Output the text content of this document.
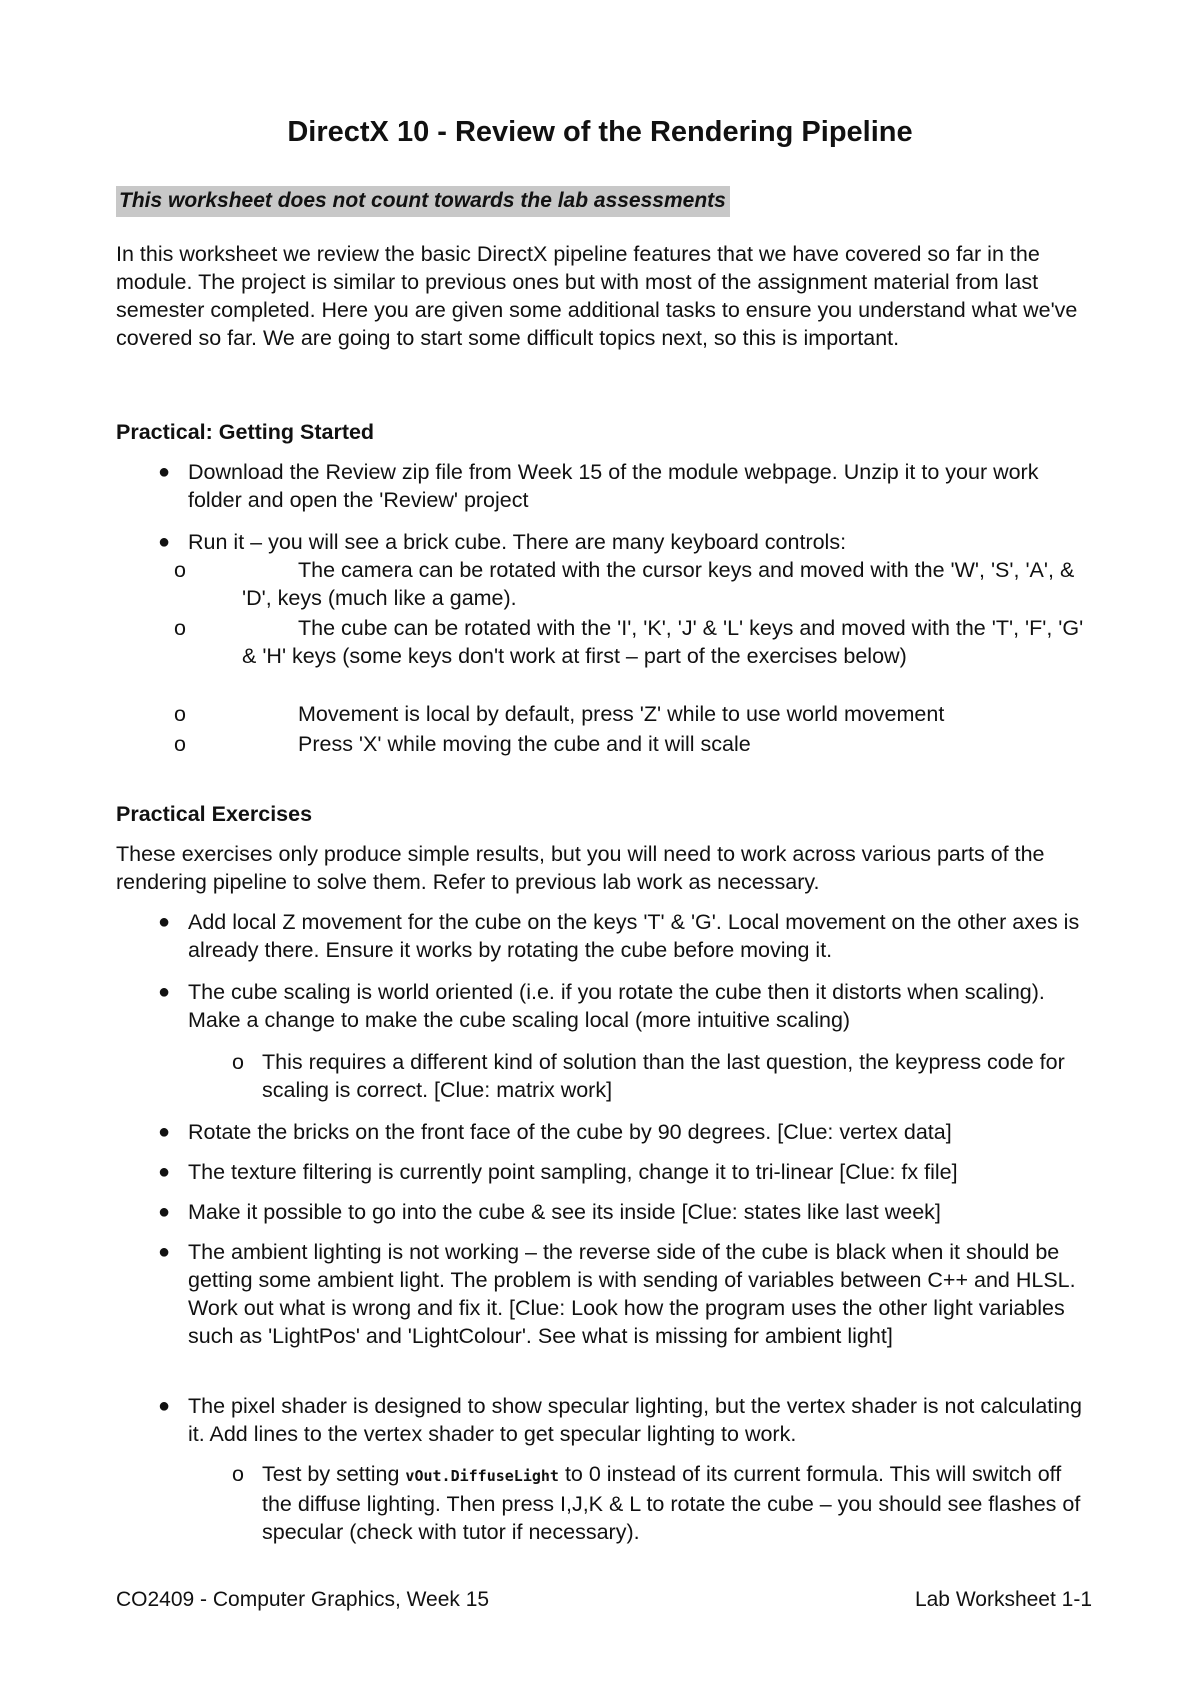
DirectX 10 - Review of the Rendering Pipeline
This worksheet does not count towards the lab assessments

In this worksheet we review the basic DirectX pipeline features that we have covered so far in the module. The project is similar to previous ones but with most of the assignment material from last semester completed. Here you are given some additional tasks to ensure you understand what we've covered so far. We are going to start some difficult topics next, so this is important.

Practical: Getting Started
● Download the Review zip file from Week 15 of the module webpage. Unzip it to your work folder and open the 'Review' project
● Run it – you will see a brick cube. There are many keyboard controls:
o	The camera can be rotated with the cursor keys and moved with the 'W', 'S', 'A', & 'D', keys (much like a game).
o	The cube can be rotated with the 'I', 'K', 'J' & 'L' keys and moved with the 'T', 'F', 'G' & 'H' keys (some keys don't work at first – part of the exercises below)
o	Movement is local by default, press 'Z' while to use world movement
o	Press 'X' while moving the cube and it will scale
Practical Exercises

These exercises only produce simple results, but you will need to work across various parts of the rendering pipeline to solve them. Refer to previous lab work as necessary.

● Add local Z movement for the cube on the keys 'T' & 'G'. Local movement on the other axes is already there. Ensure it works by rotating the cube before moving it.
● The cube scaling is world oriented (i.e. if you rotate the cube then it distorts when scaling). Make a change to make the cube scaling local (more intuitive scaling)
o This requires a different kind of solution than the last question, the keypress code for scaling is correct. [Clue: matrix work]
● Rotate the bricks on the front face of the cube by 90 degrees. [Clue: vertex data]
● The texture filtering is currently point sampling, change it to tri-linear [Clue: fx file]
● Make it possible to go into the cube & see its inside [Clue: states like last week]
● The ambient lighting is not working – the reverse side of the cube is black when it should be getting some ambient light. The problem is with sending of variables between C++ and HLSL. Work out what is wrong and fix it. [Clue: Look how the program uses the other light variables such as 'LightPos' and 'LightColour'. See what is missing for ambient light]
● The pixel shader is designed to show specular lighting, but the vertex shader is not calculating it. Add lines to the vertex shader to get specular lighting to work.
o Test by setting vOut.DiffuseLight to 0 instead of its current formula. This will switch off the diffuse lighting. Then press I,J,K & L to rotate the cube – you should see flashes of specular (check with tutor if necessary).
CO2409 - Computer Graphics, Week 15	Lab Worksheet 1-1
